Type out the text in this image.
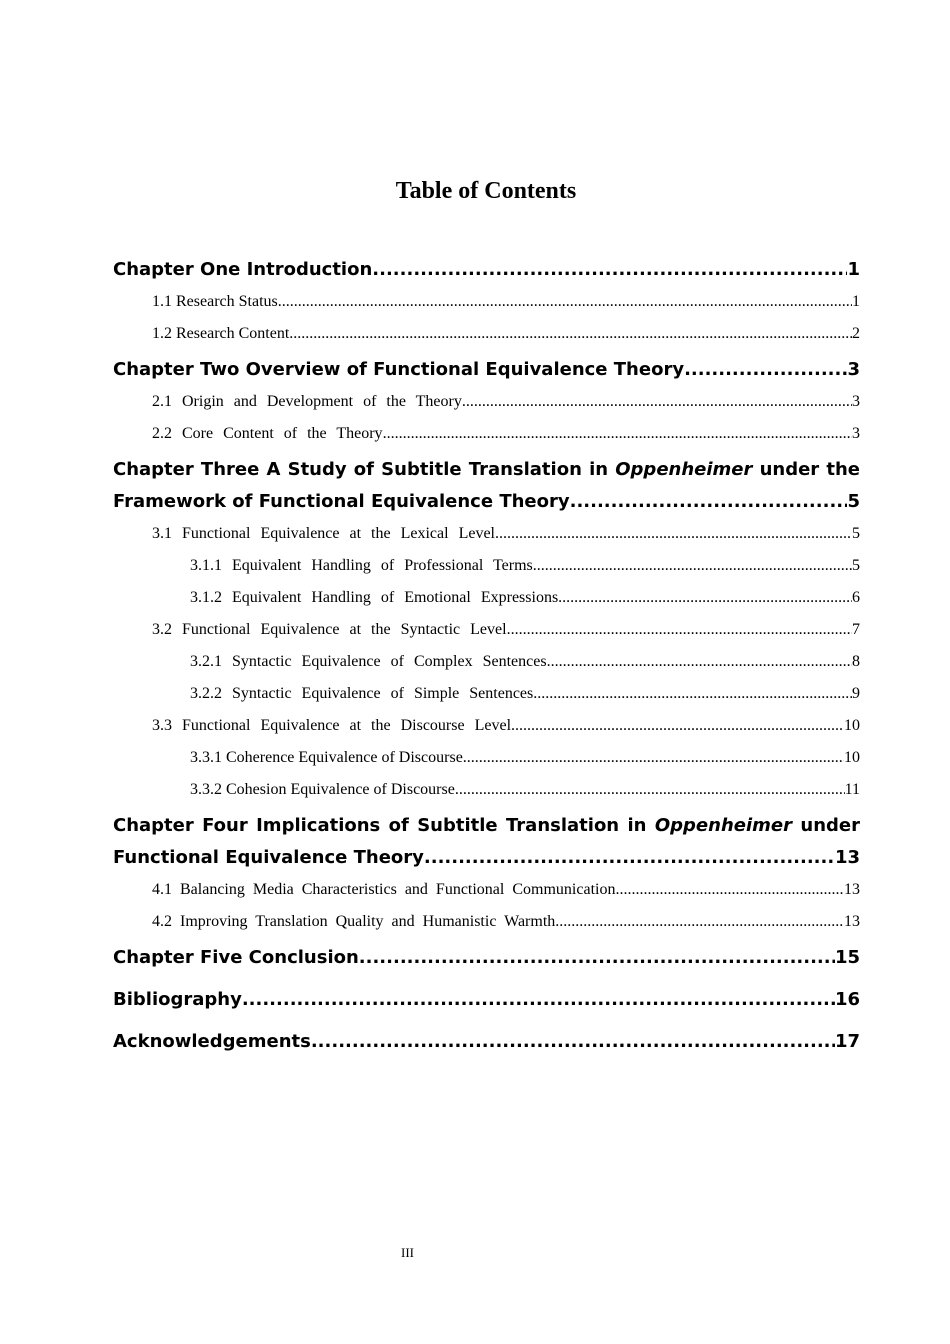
Table of Contents
Chapter One Introduction .....	1
1.1 Research Status .....	1
1.2 Research Content .....	2
Chapter Two Overview of Functional Equivalence Theory .....	3
2.1 Origin and Development of the Theory .....	3
2.2 Core Content of the Theory .....	3
Chapter Three A Study of Subtitle Translation in Oppenheimer under the
Framework of Functional Equivalence Theory .....	5
3.1 Functional Equivalence at the Lexical Level .....	5
3.1.1 Equivalent Handling of Professional Terms .....	5
3.1.2 Equivalent Handling of Emotional Expressions .....	6
3.2 Functional Equivalence at the Syntactic Level .....	7
3.2.1 Syntactic Equivalence of Complex Sentences .....	8
3.2.2 Syntactic Equivalence of Simple Sentences .....	9
3.3 Functional Equivalence at the Discourse Level .....	10
3.3.1 Coherence Equivalence of Discourse .....	10
3.3.2 Cohesion Equivalence of Discourse .....	11
Chapter Four Implications of Subtitle Translation in Oppenheimer under
Functional Equivalence Theory .....	13
4.1 Balancing Media Characteristics and Functional Communication .....	13
4.2 Improving Translation Quality and Humanistic Warmth .....	13
Chapter Five Conclusion .....	15
Bibliography .....	16
Acknowledgements .....	17
III
